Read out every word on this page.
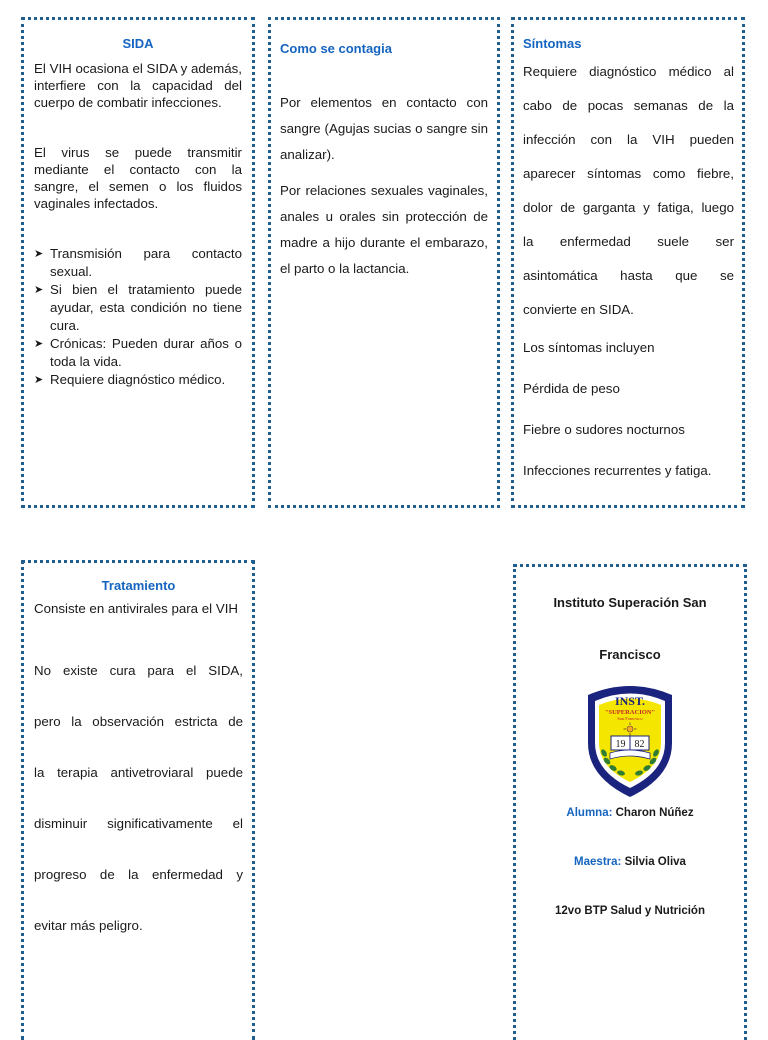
SIDA

El VIH ocasiona el SIDA y además, interfiere con la capacidad del cuerpo de combatir infecciones.

El virus se puede transmitir mediante el contacto con la sangre, el semen o los fluidos vaginales infectados.

➤ Transmisión para contacto sexual.
➤ Si bien el tratamiento puede ayudar, esta condición no tiene cura.
➤ Crónicas: Pueden durar años o toda la vida.
➤ Requiere diagnóstico médico.

Como se contagia

Por elementos en contacto con sangre (Agujas sucias o sangre sin analizar).

Por relaciones sexuales vaginales, anales u orales sin protección de madre a hijo durante el embarazo, el parto o la lactancia.

Síntomas

Requiere diagnóstico médico al

cabo de pocas semanas de la

infección con la VIH pueden

aparecer síntomas como fiebre,

dolor de garganta y fatiga, luego

la enfermedad suele ser

asintomática hasta que se

convierte en SIDA.

Los síntomas incluyen

Pérdida de peso

Fiebre o sudores nocturnos

Infecciones recurrentes y fatiga.

Tratamiento

Consiste en antivirales para el VIH

No existe cura para el SIDA,

pero la observación estricta de

la terapia antivetroviaral puede

disminuir significativamente el

progreso de la enfermedad y

evitar más peligro.

Instituto Superación San

Francisco

INST.
"SUPERACION"
San Francisco
19 82

Alumna: Charon Núñez

Maestra: Silvia Oliva

12vo BTP Salud y Nutrición
